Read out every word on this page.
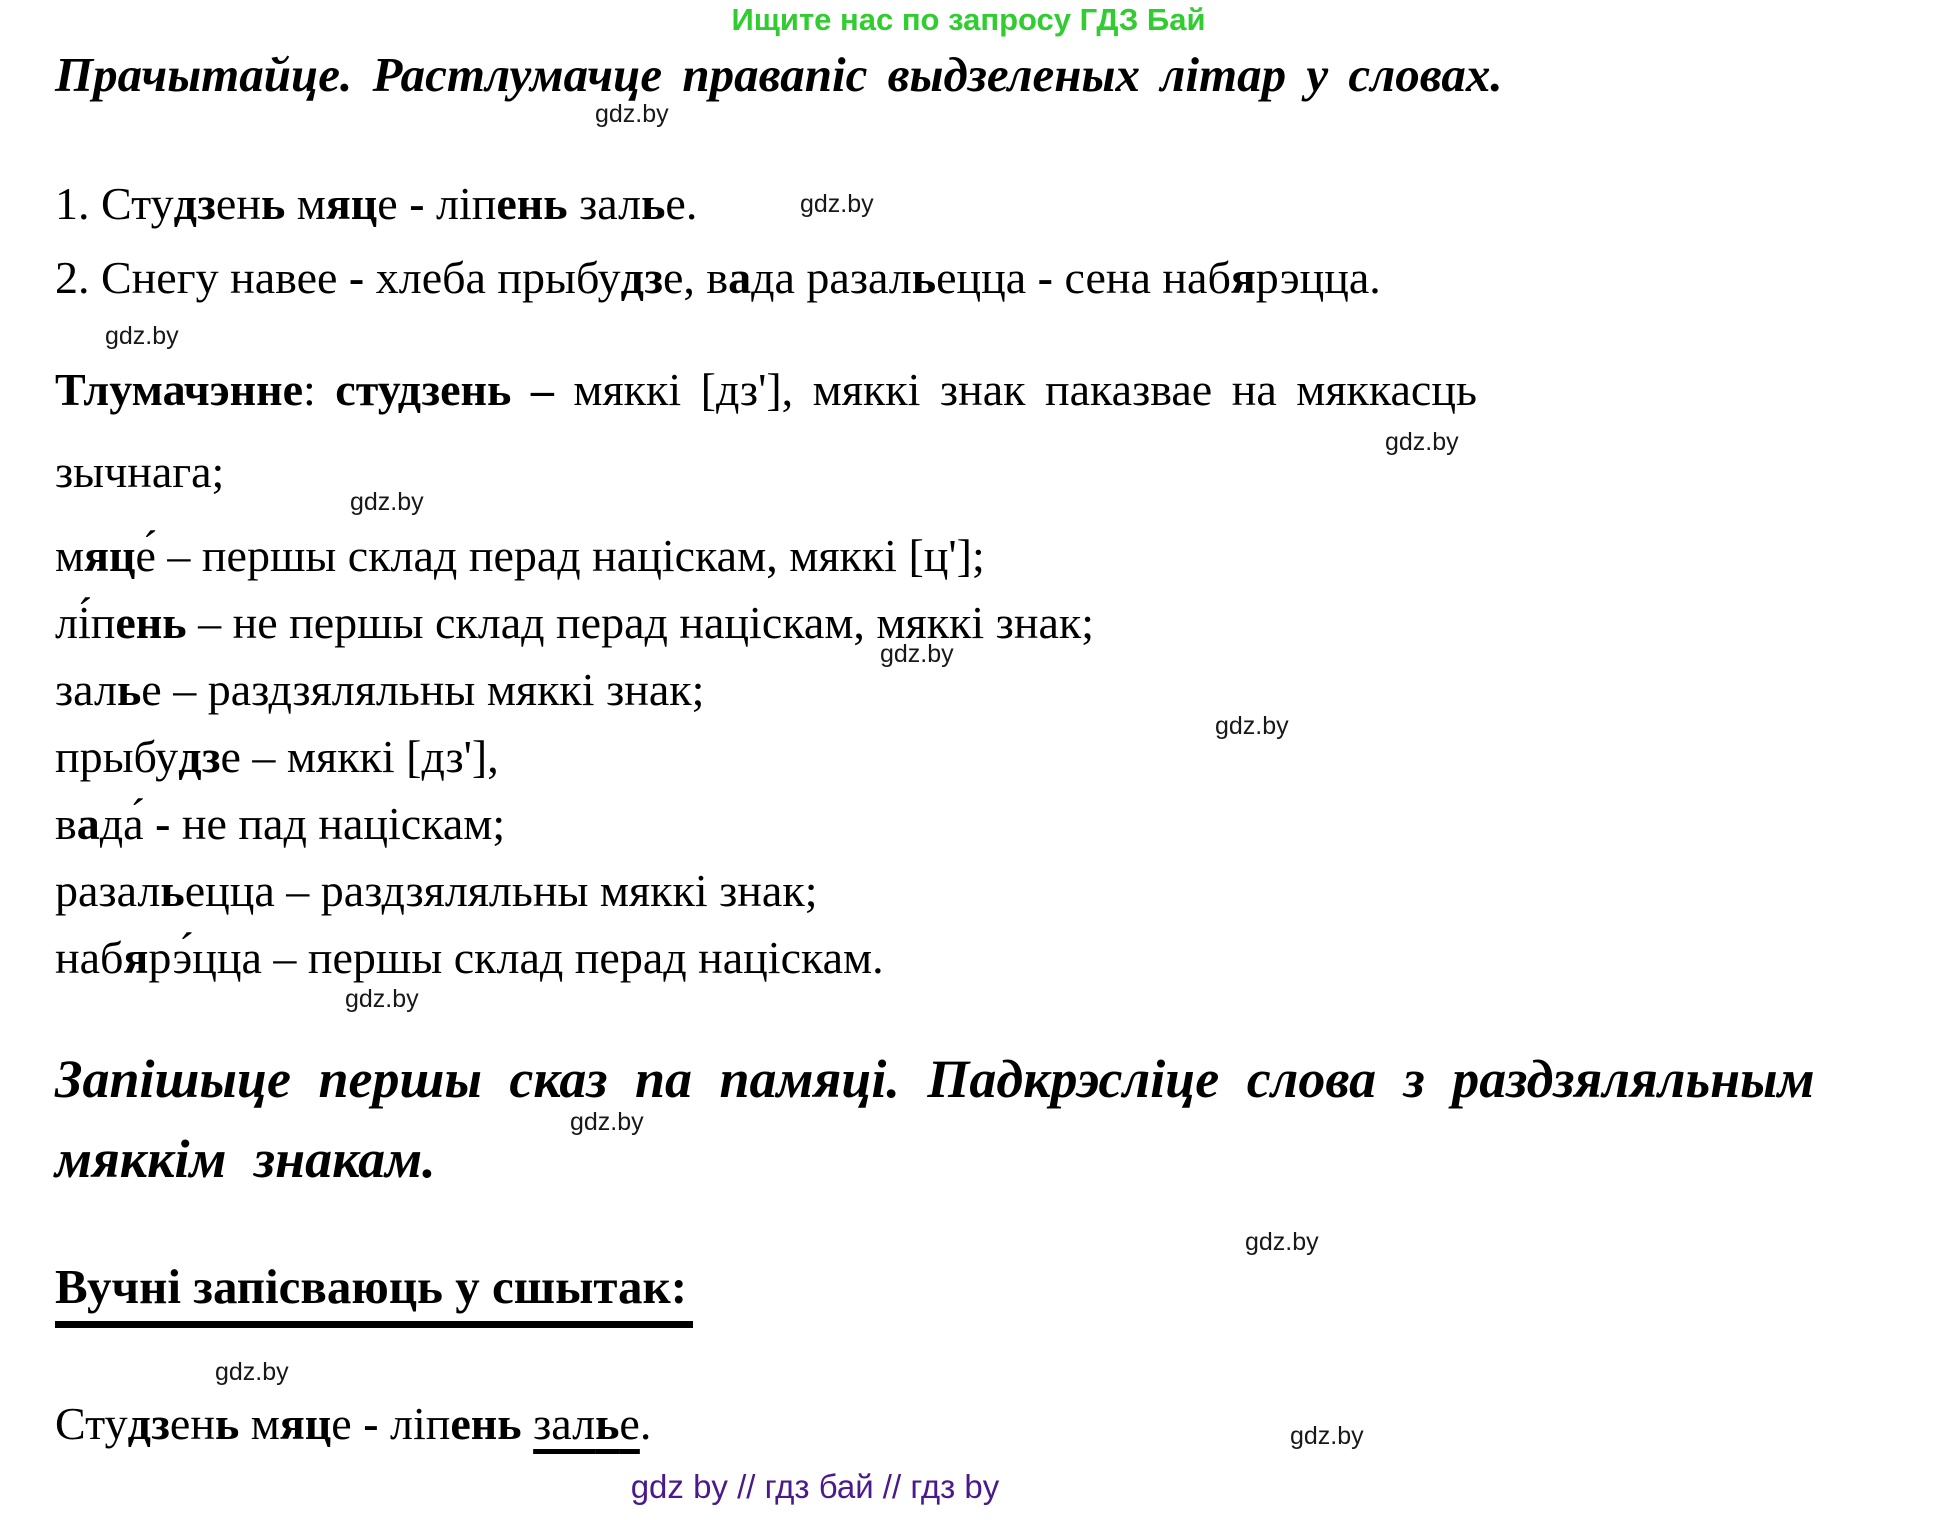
Ищите нас по запросу ГДЗ Бай
Прачытайце. Растлумачце правапіс выдзеленых літар у словах.
gdz.by
1. Студзень мяце - ліпень залье.	gdz.by
2. Снегу навее - хлеба прыбудзе, вада разальецца - сена набярэцца.
gdz.by
Тлумачэнне: студзень – мяккі [дз'], мяккі знак паказвае на мяккасць
зычнага;
gdz.by
gdz.by
мяце́ – першы склад перад націскам, мяккі [ц'];
лі́пень – не першы склад перад націскам, мяккі знак;
залье – раздзяляльны мяккі знак;
прыбудзе – мяккі [дз'],
вада́ - не пад націскам;
разальецца – раздзяляльны мяккі знак;
набярэ́цца – першы склад перад націскам.
gdz.by
gdz.by
gdz.by
Запішыце першы сказ па памяці. Падкрэсліце слова з раздзяляльным
мяккім знакам.
gdz.by
gdz.by
Вучні запісваюць у сшытак:
gdz.by
Студзень мяце - ліпень залье.	gdz.by
gdz by // гдз бай // гдз by
